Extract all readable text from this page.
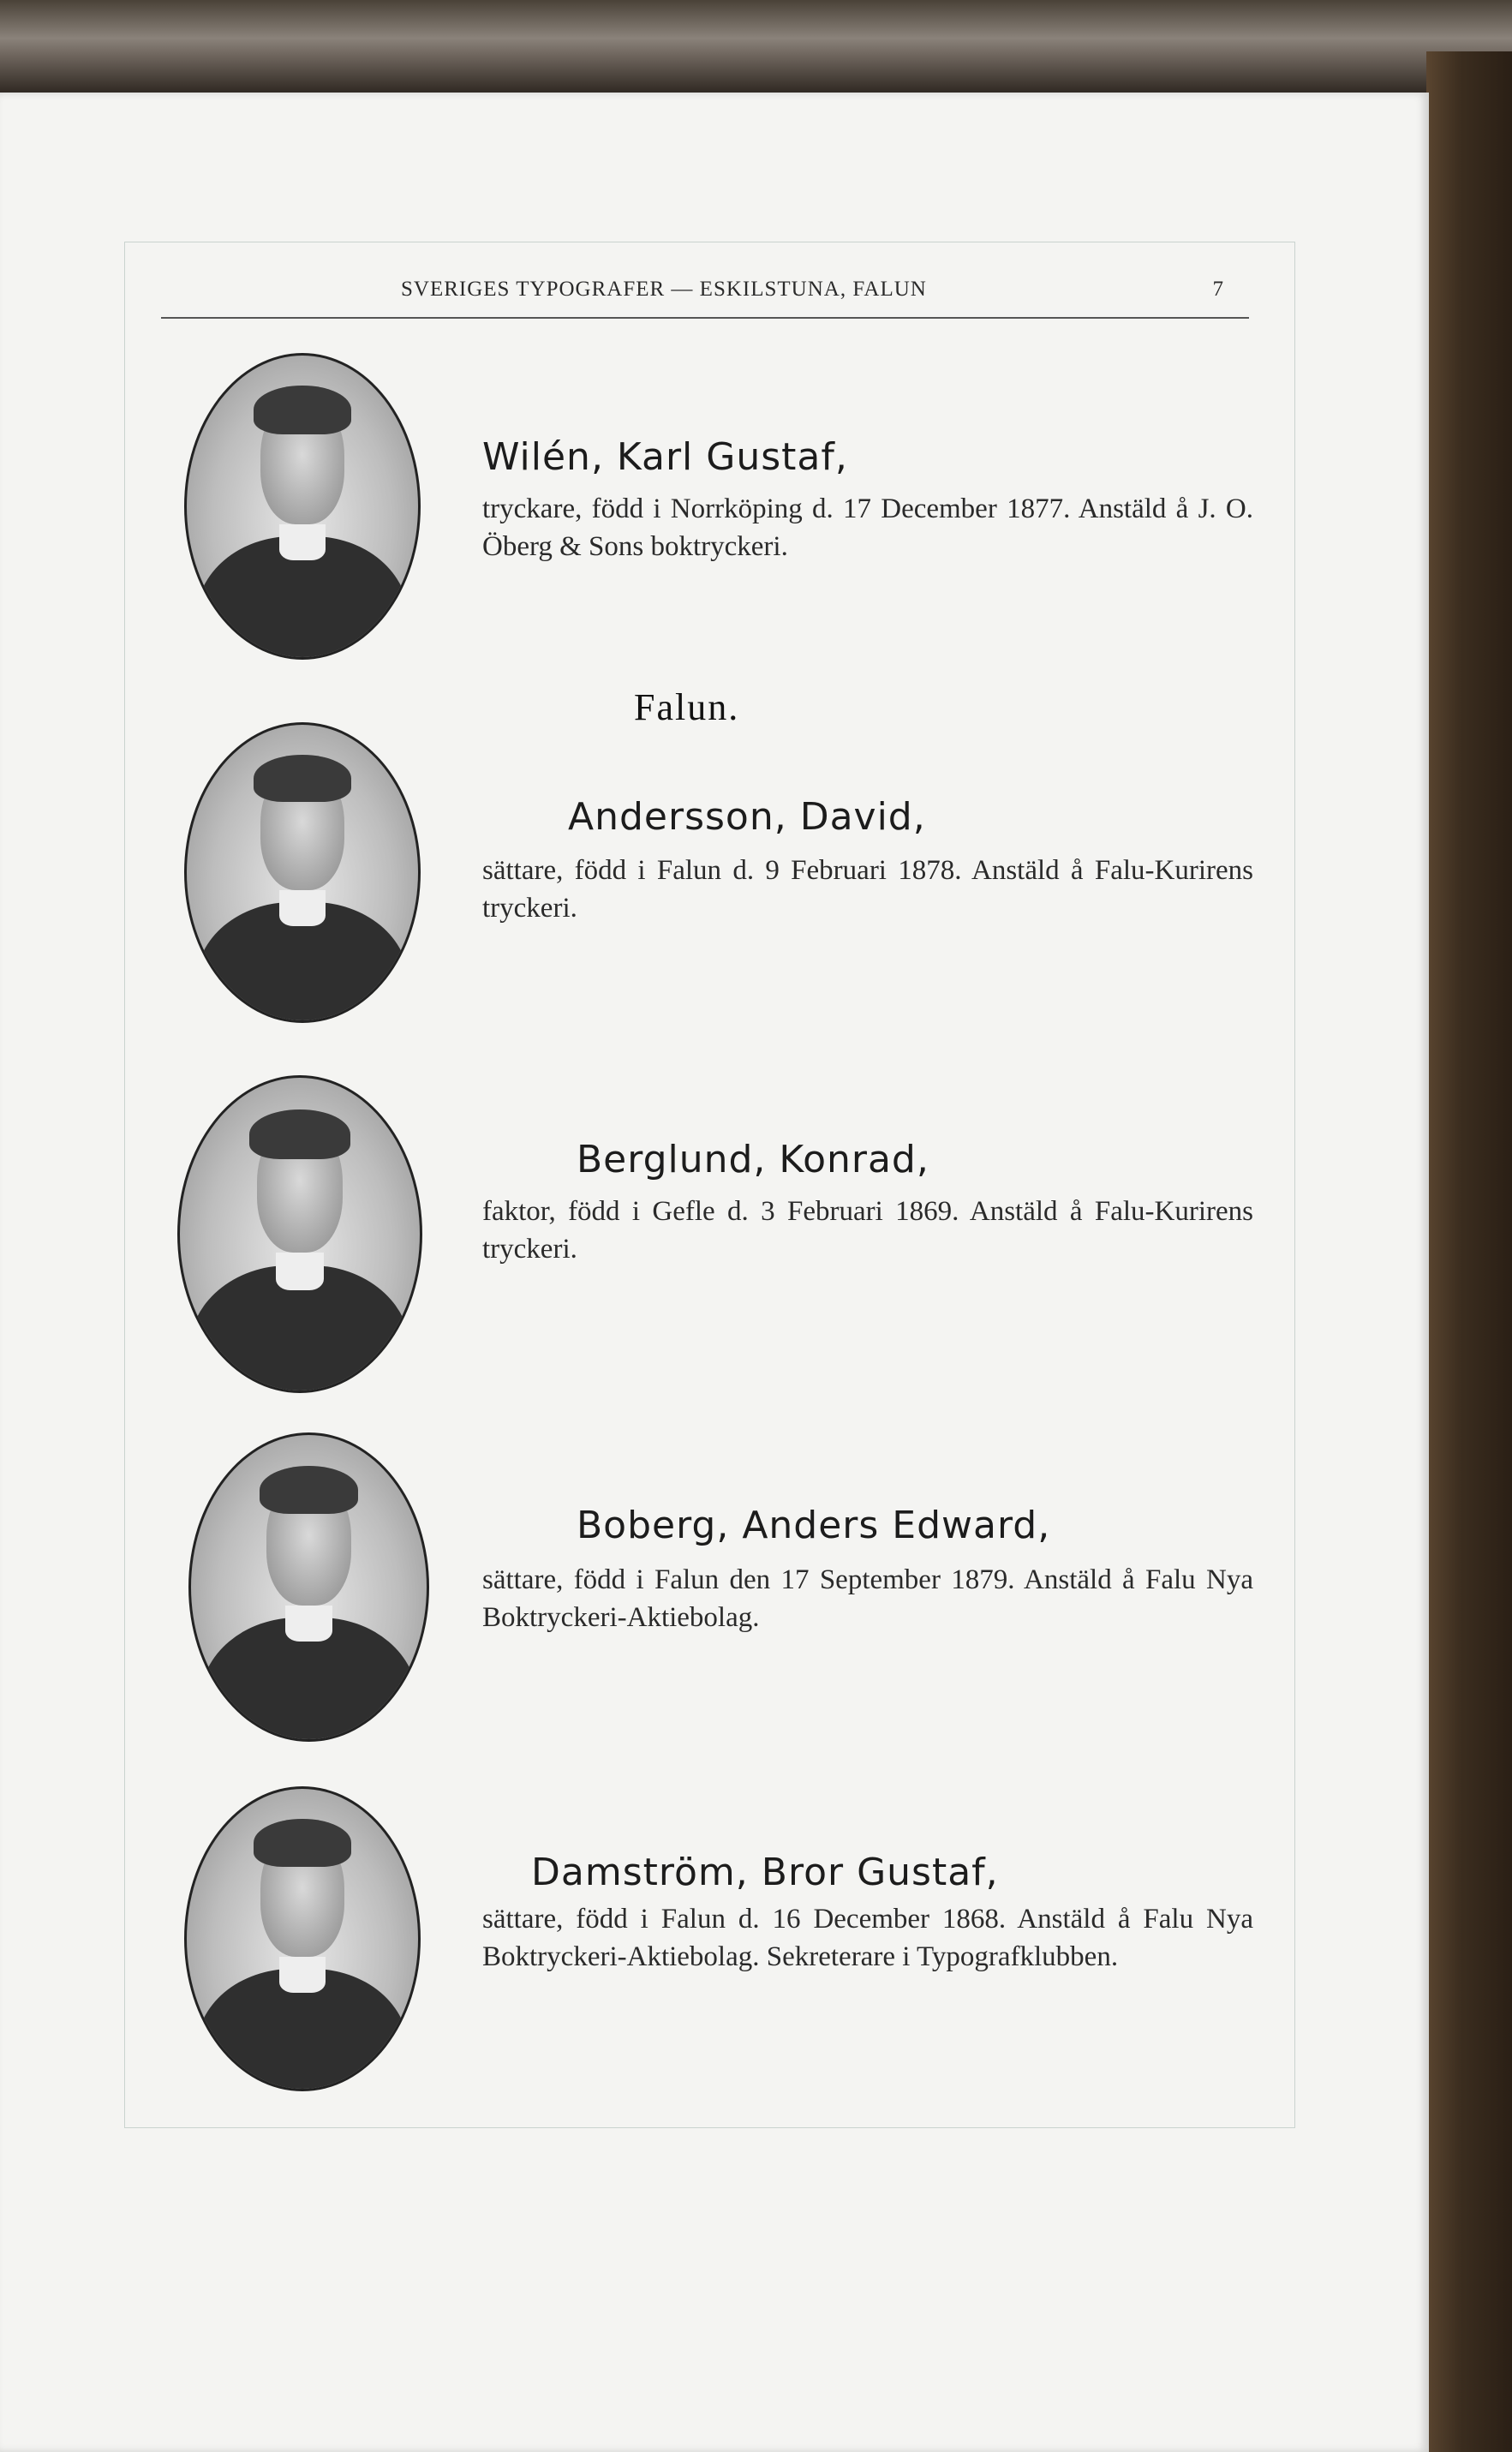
SVERIGES TYPOGRAFER — ESKILSTUNA, FALUN	7
Wilén, Karl Gustaf,
tryckare, född i Norrköping d. 17 December 1877. Anstäld å J. O. Öberg & Sons boktryckeri.
Falun.
Andersson, David,
sättare, född i Falun d. 9 Februari 1878. Anstäld å Falu-Kurirens tryckeri.
Berglund, Konrad,
faktor, född i Gefle d. 3 Februari 1869. Anstäld å Falu-Kurirens tryckeri.
Boberg, Anders Edward,
sättare, född i Falun den 17 September 1879. Anstäld å Falu Nya Boktryckeri-Aktiebolag.
Damström, Bror Gustaf,
sättare, född i Falun d. 16 December 1868. Anstäld å Falu Nya Boktryckeri-Aktiebolag. Sekreterare i Typografklubben.
